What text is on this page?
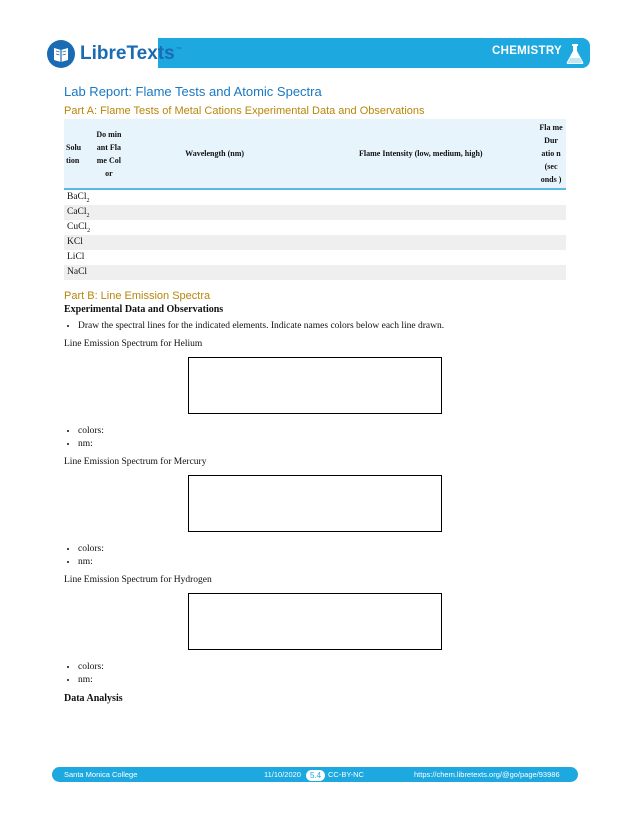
CHEMISTRY
LibreTexts ™
Lab Report: Flame Tests and Atomic Spectra
Part A: Flame Tests of Metal Cations Experimental Data and Observations
Solu tion	Do min ant Fla me Col or	Wavelength (nm)	Flame Intensity (low, medium, high)	Fla me Dur atio n (sec onds )
BaCl$_2$				
CaCl$_2$				
CuCl$_2$				
KCl				
LiCl				
NaCl				
Part B: Line Emission Spectra
Experimental Data and Observations
• Draw the spectral lines for the indicated elements. Indicate names colors below each line drawn.
Line Emission Spectrum for Helium
• colors:
• nm:
Line Emission Spectrum for Mercury
• colors:
• nm:
Line Emission Spectrum for Hydrogen
• colors:
• nm:
Data Analysis
Santa Monica College	11/10/2020	5.4 CC-BY-NC	https://chem.libretexts.org/@go/page/93986
